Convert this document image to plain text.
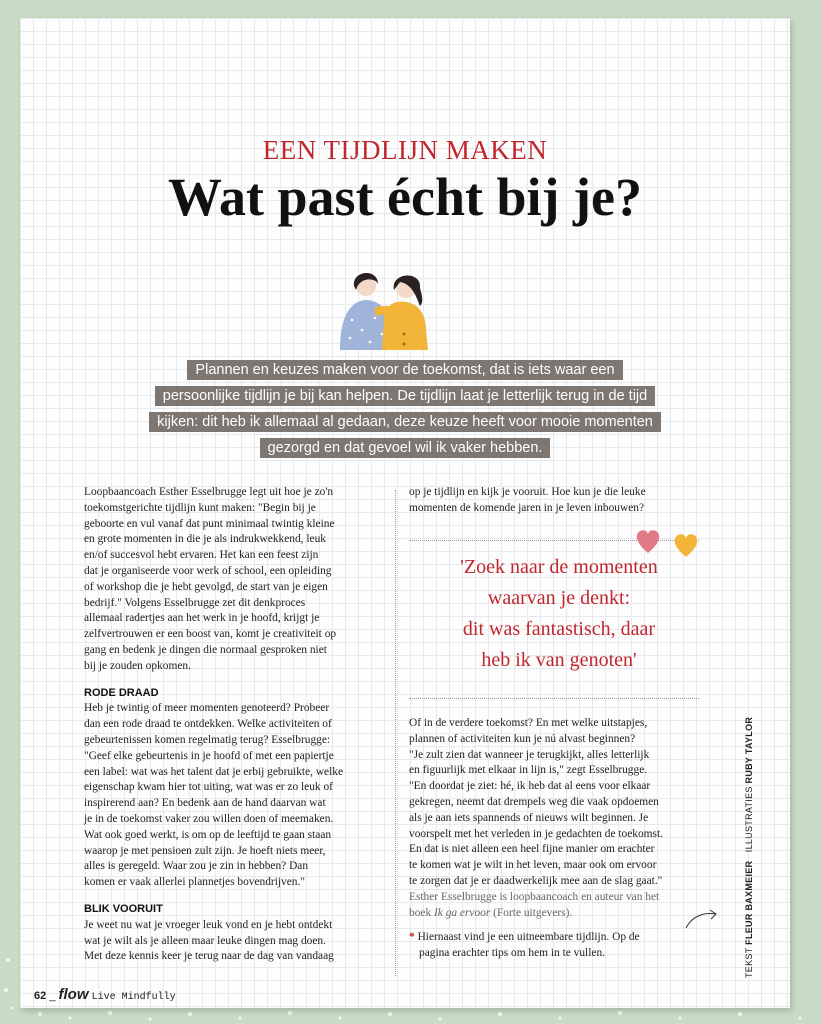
EEN TIJDLIJN MAKEN
Wat past écht bij je?
Plannen en keuzes maken voor de toekomst, dat is iets waar een
persoonlijke tijdlijn je bij kan helpen. De tijdlijn laat je letterlijk terug in de tijd
kijken: dit heb ik allemaal al gedaan, deze keuze heeft voor mooie momenten
gezorgd en dat gevoel wil ik vaker hebben.

Loopbaancoach Esther Esselbrugge legt uit hoe je zo'n

toekomstgerichte tijdlijn kunt maken: "Begin bij je

geboorte en vul vanaf dat punt minimaal twintig kleine

en grote momenten in die je als indrukwekkend, leuk

en/of succesvol hebt ervaren. Het kan een feest zijn

dat je organiseerde voor werk of school, een opleiding

of workshop die je hebt gevolgd, de start van je eigen

bedrijf." Volgens Esselbrugge zet dit denkproces

allemaal radertjes aan het werk in je hoofd, krijgt je

zelfvertrouwen er een boost van, komt je creativiteit op

gang en bedenk je dingen die normaal gesproken niet

bij je zouden opkomen.

RODE DRAAD

Heb je twintig of meer momenten genoteerd? Probeer

dan een rode draad te ontdekken. Welke activiteiten of

gebeurtenissen komen regelmatig terug? Esselbrugge:

"Geef elke gebeurtenis in je hoofd of met een papiertje

een label: wat was het talent dat je erbij gebruikte, welke

eigenschap kwam hier tot uiting, wat was er zo leuk of

inspirerend aan? En bedenk aan de hand daarvan wat

je in de toekomst vaker zou willen doen of meemaken.

Wat ook goed werkt, is om op de leeftijd te gaan staan

waarop je met pensioen zult zijn. Je hoeft niets meer,

alles is geregeld. Waar zou je zin in hebben? Dan

komen er vaak allerlei plannetjes bovendrijven."

BLIK VOORUIT

Je weet nu wat je vroeger leuk vond en je hebt ontdekt

wat je wilt als je alleen maar leuke dingen mag doen.

Met deze kennis keer je terug naar de dag van vandaag

op je tijdlijn en kijk je vooruit. Hoe kun je die leuke

momenten de komende jaren in je leven inbouwen?

'Zoek naar de momenten
waarvan je denkt:
dit was fantastisch, daar
heb ik van genoten'

Of in de verdere toekomst? En met welke uitstapjes,

plannen of activiteiten kun je nú alvast beginnen?

"Je zult zien dat wanneer je terugkijkt, alles letterlijk

en figuurlijk met elkaar in lijn is," zegt Esselbrugge.

"En doordat je ziet: hé, ik heb dat al eens voor elkaar

gekregen, neemt dat drempels weg die vaak opdoemen

als je aan iets spannends of nieuws wilt beginnen. Je

voorspelt met het verleden in je gedachten de toekomst.

En dat is niet alleen een heel fijne manier om erachter

te komen wat je wilt in het leven, maar ook om ervoor

te zorgen dat je er daadwerkelijk mee aan de slag gaat."

Esther Esselbrugge is loopbaancoach en auteur van het
boek Ik ga ervoor (Forte uitgevers).

* Hiernaast vind je een uitneembare tijdlijn. Op de
pagina erachter tips om hem in te vullen.	TEKST FLEUR BAXMEIER   ILLUSTRATIES RUBY TAYLOR
62 _ flow Live Mindfully
